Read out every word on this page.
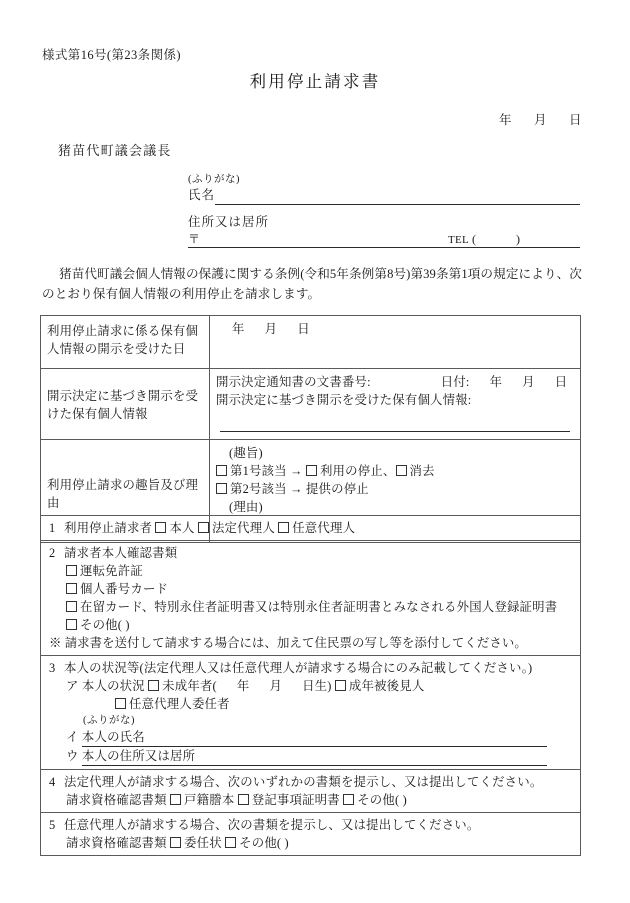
様式第16号(第23条関係)
利用停止請求書
年 月 日
猪苗代町議会議長
(ふりがな)
氏名
住所又は居所
〒	TEL (	)
猪苗代町議会個人情報の保護に関する条例(令和5年条例第8号)第39条第1項の規定により、次のとおり保有個人情報の利用停止を請求します。
利用停止請求に係る保有個人情報の開示を受けた日	年 月 日

開示決定に基づき開示を受けた保有個人情報	開示決定通知書の文書番号: 日付: 年 月 日
開示決定に基づき開示を受けた保有個人情報:

利用停止請求の趣旨及び理由	(趣旨)
第1号該当 → 利用の停止、 消去
第2号該当 → 提供の停止
(理由)
1 利用停止請求者 本人 法定代理人 任意代理人

2 請求者本人確認書類
運転免許証
個人番号カード
在留カード、特別永住者証明書又は特別永住者証明書とみなされる外国人登録証明書
その他( )
※ 請求書を送付して請求する場合には、加えて住民票の写し等を添付してください。

3 本人の状況等(法定代理人又は任意代理人が請求する場合にのみ記載してください。)
ア 本人の状況 未成年者( 年 月 日生) 成年被後見人
任意代理人委任者
(ふりがな)
イ 本人の氏名
ウ 本人の住所又は居所

4 法定代理人が請求する場合、次のいずれかの書類を提示し、又は提出してください。
請求資格確認書類 戸籍謄本 登記事項証明書 その他( )

5 任意代理人が請求する場合、次の書類を提示し、又は提出してください。
請求資格確認書類 委任状 その他( )
